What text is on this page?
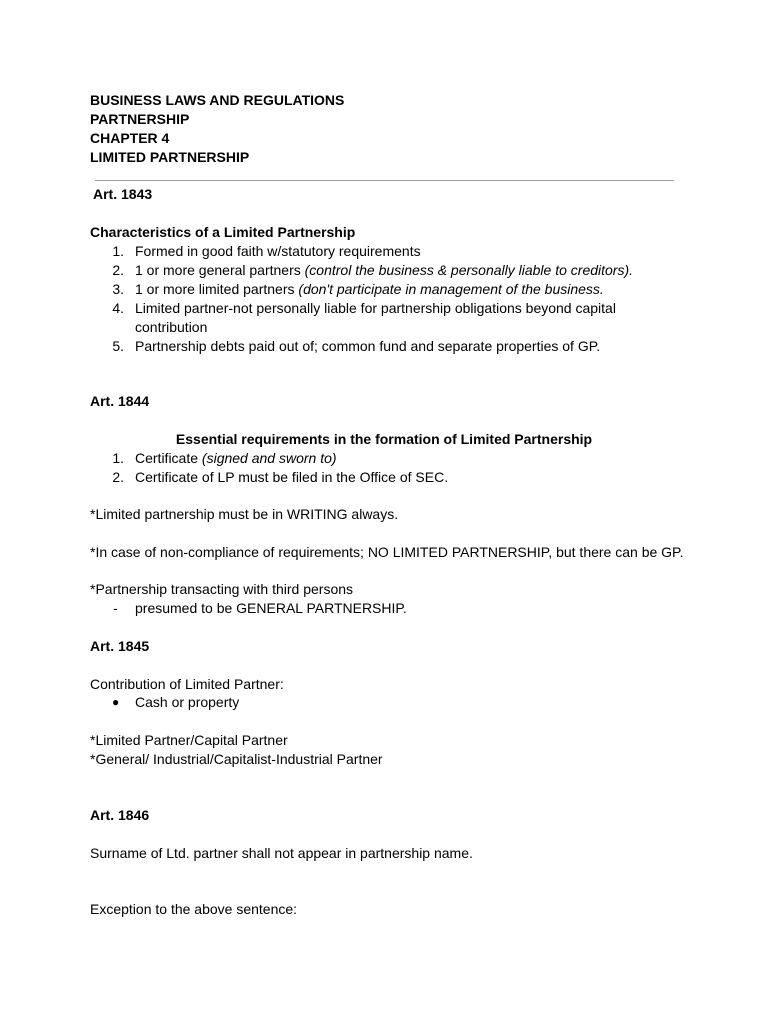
BUSINESS LAWS AND REGULATIONS
PARTNERSHIP
CHAPTER 4
LIMITED PARTNERSHIP
Art. 1843
Characteristics of a Limited Partnership
1. Formed in good faith w/statutory requirements
2. 1 or more general partners (control the business & personally liable to creditors).
3. 1 or more limited partners (don't participate in management of the business.
4. Limited partner-not personally liable for partnership obligations beyond capital
contribution
5. Partnership debts paid out of; common fund and separate properties of GP.
Art. 1844
Essential requirements in the formation of Limited Partnership
1. Certificate (signed and sworn to)
2. Certificate of LP must be filed in the Office of SEC.
*Limited partnership must be in WRITING always.
*In case of non-compliance of requirements; NO LIMITED PARTNERSHIP, but there can be GP.
*Partnership transacting with third persons
- presumed to be GENERAL PARTNERSHIP.
Art. 1845
Contribution of Limited Partner:
● Cash or property
*Limited Partner/Capital Partner
*General/ Industrial/Capitalist-Industrial Partner
Art. 1846
Surname of Ltd. partner shall not appear in partnership name.
Exception to the above sentence:
